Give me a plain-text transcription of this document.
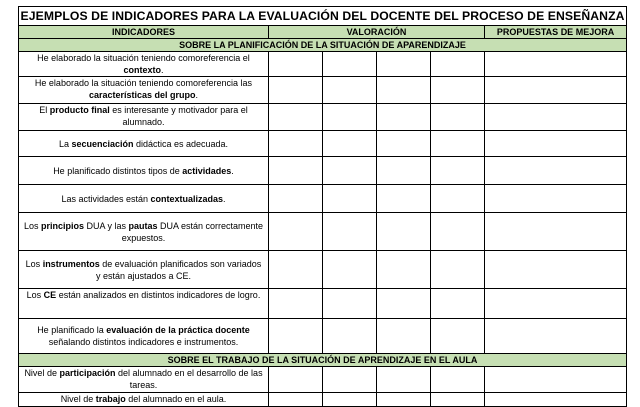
EJEMPLOS DE INDICADORES PARA LA EVALUACIÓN DEL DOCENTE DEL PROCESO DE ENSEÑANZA					
INDICADORES	VALORACIÓN				PROPUESTAS DE MEJORA
SOBRE LA PLANIFICACIÓN DE LA SITUACIÓN DE APARENDIZAJE					
He elaborado la situación teniendo comoreferencia el contexto.					
He elaborado la situación teniendo comoreferencia las características del grupo.					
El producto final es interesante y motivador para el alumnado.					
La secuenciación didáctica es adecuada.					
He planificado distintos tipos de actividades.					
Las actividades están contextualizadas.					
Los principios DUA y las pautas DUA están correctamente expuestos.					
Los instrumentos de evaluación planificados son variados y están ajustados a CE.					
Los CE están analizados en distintos indicadores de logro.					
He planificado la evaluación de la práctica docente señalando distintos indicadores e instrumentos.					
SOBRE EL TRABAJO DE LA SITUACIÓN DE APRENDIZAJE EN EL AULA					
Nivel de participación del alumnado en el desarrollo de las tareas.					
Nivel de trabajo del alumnado en el aula.					
